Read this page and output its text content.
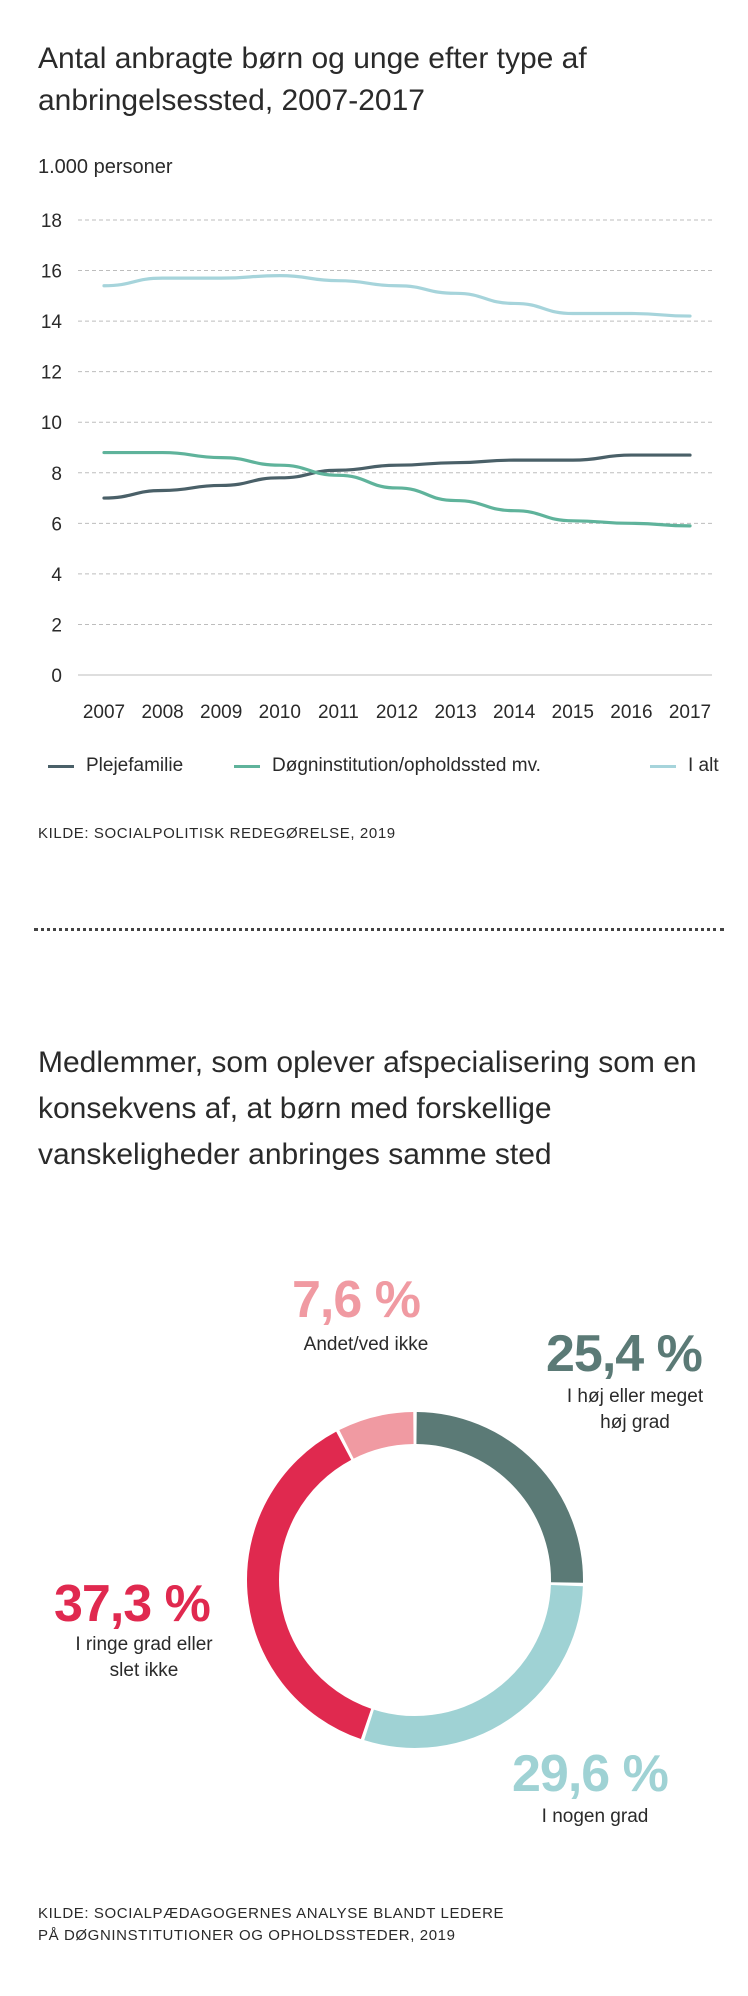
Antal anbragte børn og unge efter type af anbringelsessted, 2007-2017
1.000 personer
0
2
4
6
8
10
12
14
16
18
2007 2008 2009 2010 2011 2012 2013 2014 2015 2016 2017
Plejefamilie	Døgninstitution/opholdssted mv.	I alt
KILDE: SOCIALPOLITISK REDEGØRELSE, 2019
Medlemmer, som oplever afspecialisering som en konsekvens af, at børn med forskellige vanskeligheder anbringes samme sted
7,6 %
Andet/ved ikke	25,4 %
I høj eller meget
høj grad
37,3 %
I ringe grad eller
slet ikke
29,6 %
I nogen grad
KILDE: SOCIALPÆDAGOGERNES ANALYSE BLANDT LEDERE
PÅ DØGNINSTITUTIONER OG OPHOLDSSTEDER, 2019
